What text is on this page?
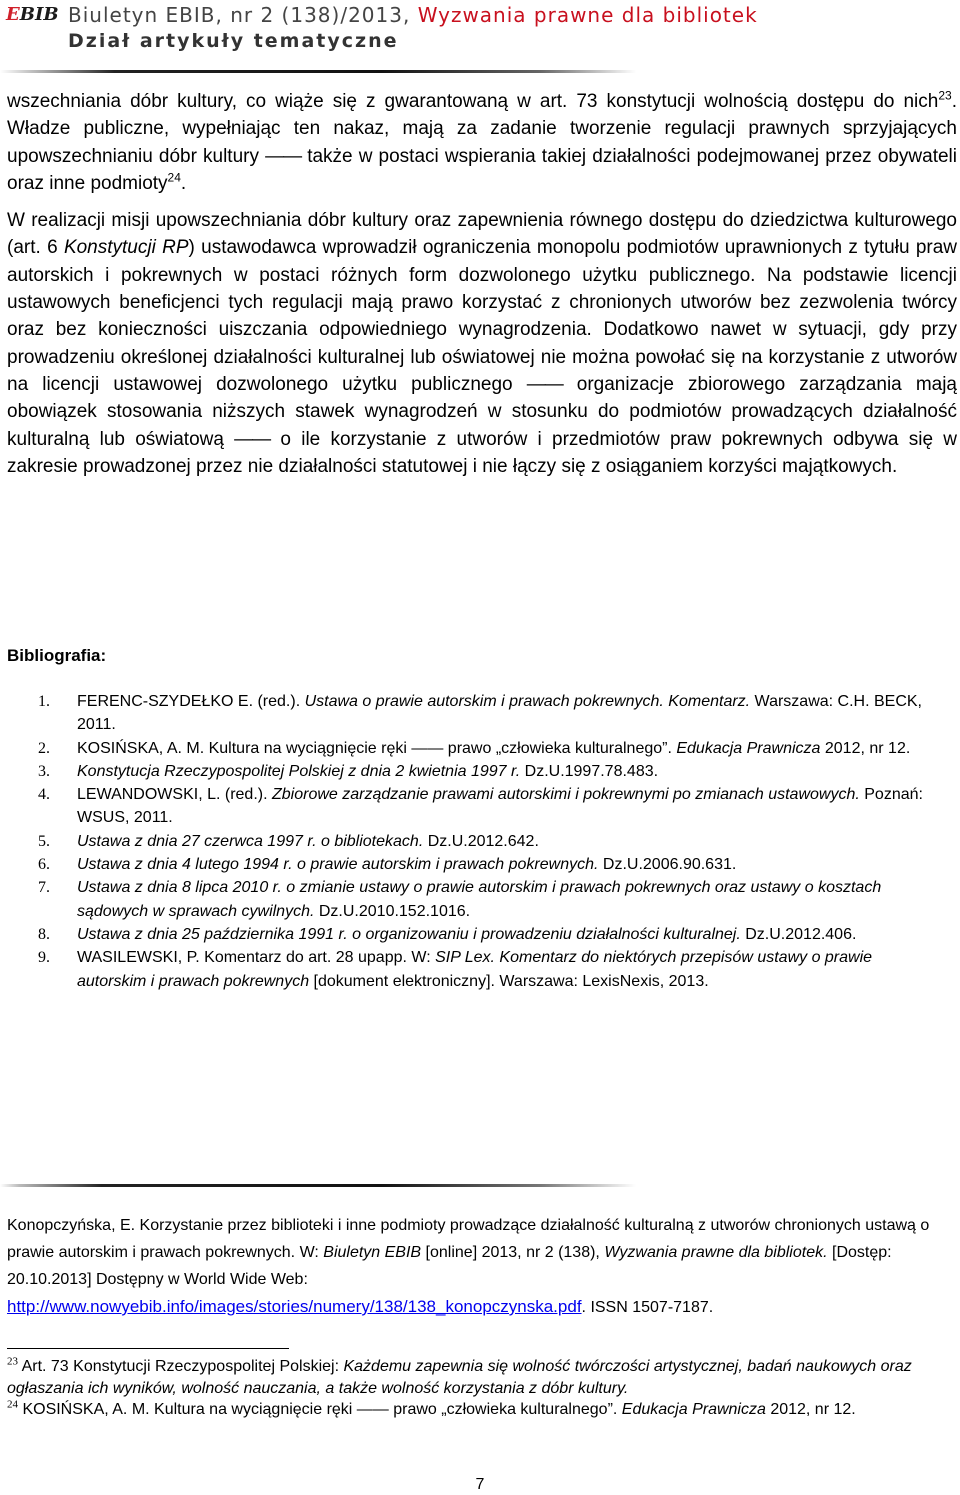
EBIB Biuletyn EBIB, nr 2 (138)/2013, Wyzwania prawne dla bibliotek
Dział artykuły tematyczne

wszechniania dóbr kultury, co wiąże się z gwarantowaną w art. 73 konstytucji wolnością dostępu do nich$^{23}$. Władze publiczne, wypełniając ten nakaz, mają za zadanie tworzenie regulacji prawnych sprzyjających upowszechnianiu dóbr kultury —— także w postaci wspierania takiej działalności podejmowanej przez obywateli oraz inne podmioty$^{24}$.

W realizacji misji upowszechniania dóbr kultury oraz zapewnienia równego dostępu do dziedzictwa kulturowego (art. 6 Konstytucji RP) ustawodawca wprowadził ograniczenia monopolu podmiotów uprawnionych z tytułu praw autorskich i pokrewnych w postaci różnych form dozwolonego użytku publicznego. Na podstawie licencji ustawowych beneficjenci tych regulacji mają prawo korzystać z chronionych utworów bez zezwolenia twórcy oraz bez konieczności uiszczania odpowiedniego wynagrodzenia. Dodatkowo nawet w sytuacji, gdy przy prowadzeniu określonej działalności kulturalnej lub oświatowej nie można powołać się na korzystanie z utworów na licencji ustawowej dozwolonego użytku publicznego —— organizacje zbiorowego zarządzania mają obowiązek stosowania niższych stawek wynagrodzeń w stosunku do podmiotów prowadzących działalność kulturalną lub oświatową —— o ile korzystanie z utworów i przedmiotów praw pokrewnych odbywa się w zakresie prowadzonej przez nie działalności statutowej i nie łączy się z osiąganiem korzyści majątkowych.

Bibliografia:
1. FERENC-SZYDEŁKO E. (red.). Ustawa o prawie autorskim i prawach pokrewnych. Komentarz. Warszawa: C.H. BECK, 2011.
2. KOSIŃSKA, A. M. Kultura na wyciągnięcie ręki —— prawo „człowieka kulturalnego”. Edukacja Prawnicza 2012, nr 12.
3. Konstytucja Rzeczypospolitej Polskiej z dnia 2 kwietnia 1997 r. Dz.U.1997.78.483.
4. LEWANDOWSKI, L. (red.). Zbiorowe zarządzanie prawami autorskimi i pokrewnymi po zmianach ustawowych. Poznań: WSUS, 2011.
5. Ustawa z dnia 27 czerwca 1997 r. o bibliotekach. Dz.U.2012.642.
6. Ustawa z dnia 4 lutego 1994 r. o prawie autorskim i prawach pokrewnych. Dz.U.2006.90.631.
7. Ustawa z dnia 8 lipca 2010 r. o zmianie ustawy o prawie autorskim i prawach pokrewnych oraz ustawy o kosztach sądowych w sprawach cywilnych. Dz.U.2010.152.1016.
8. Ustawa z dnia 25 października 1991 r. o organizowaniu i prowadzeniu działalności kulturalnej. Dz.U.2012.406.
9. WASILEWSKI, P. Komentarz do art. 28 upapp. W: SIP Lex. Komentarz do niektórych przepisów ustawy o prawie autorskim i prawach pokrewnych [dokument elektroniczny]. Warszawa: LexisNexis, 2013.
Konopczyńska, E. Korzystanie przez biblioteki i inne podmioty prowadzące działalność kulturalną z utworów chronionych ustawą o prawie autorskim i prawach pokrewnych. W: Biuletyn EBIB [online] 2013, nr 2 (138), Wyzwania prawne dla bibliotek. [Dostęp: 20.10.2013] Dostępny w World Wide Web:
http://www.nowyebib.info/images/stories/numery/138/138_konopczynska.pdf. ISSN 1507-7187.

$^{23}$ Art. 73 Konstytucji Rzeczypospolitej Polskiej: Każdemu zapewnia się wolność twórczości artystycznej, badań naukowych oraz ogłaszania ich wyników, wolność nauczania, a także wolność korzystania z dóbr kultury.

$^{24}$ KOSIŃSKA, A. M. Kultura na wyciągnięcie ręki —— prawo „człowieka kulturalnego”. Edukacja Prawnicza 2012, nr 12.

7
